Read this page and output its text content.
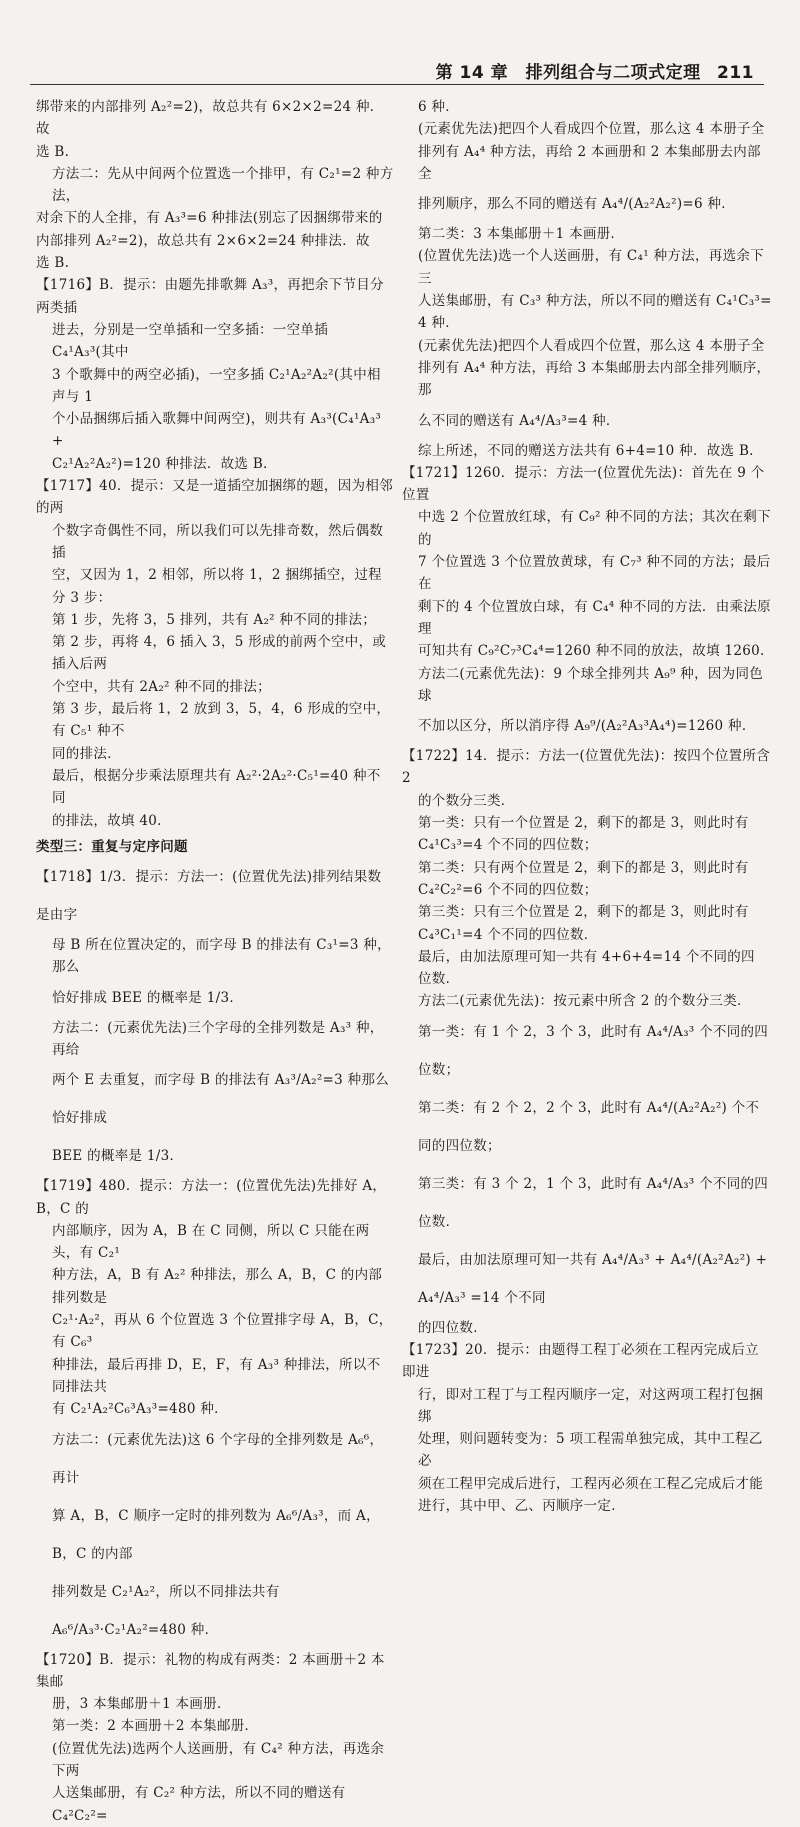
第 14 章　排列组合与二项式定理 211

绑带来的内部排列 A₂²=2)，故总共有 6×2×2=24 种．故

选 B.

方法二：先从中间两个位置选一个排甲，有 C₂¹=2 种方法，

对余下的人全排，有 A₃³=6 种排法(别忘了因捆绑带来的

内部排列 A₂²=2)，故总共有 2×6×2=24 种排法．故

选 B.

【1716】B．提示：由题先排歌舞 A₃³，再把余下节目分两类插

进去，分别是一空单插和一空多插：一空单插 C₄¹A₃³(其中

3 个歌舞中的两空必插)，一空多插 C₂¹A₂²A₂²(其中相声与 1

个小品捆绑后插入歌舞中间两空)，则共有 A₃³(C₄¹A₃³ +

C₂¹A₂²A₂²)=120 种排法．故选 B.

【1717】40．提示：又是一道插空加捆绑的题，因为相邻的两

个数字奇偶性不同，所以我们可以先排奇数，然后偶数插

空，又因为 1，2 相邻，所以将 1，2 捆绑插空，过程分 3 步：

第 1 步，先将 3，5 排列，共有 A₂² 种不同的排法；

第 2 步，再将 4，6 插入 3，5 形成的前两个空中，或插入后两

个空中，共有 2A₂² 种不同的排法；

第 3 步，最后将 1，2 放到 3，5，4，6 形成的空中，有 C₅¹ 种不

同的排法．

最后，根据分步乘法原理共有 A₂²·2A₂²·C₅¹=40 种不同

的排法，故填 40.

类型三：重复与定序问题

【1718】1/3．提示：方法一：(位置优先法)排列结果数是由字

母 B 所在位置决定的，而字母 B 的排法有 C₃¹=3 种，那么

恰好排成 BEE 的概率是 1/3．

方法二：(元素优先法)三个字母的全排列数是 A₃³ 种，再给

两个 E 去重复，而字母 B 的排法有 A₃³/A₂²=3 种那么恰好排成

BEE 的概率是 1/3．

【1719】480．提示：方法一：(位置优先法)先排好 A，B，C 的

内部顺序，因为 A，B 在 C 同侧，所以 C 只能在两头，有 C₂¹

种方法，A，B 有 A₂² 种排法，那么 A，B，C 的内部排列数是

C₂¹·A₂²，再从 6 个位置选 3 个位置排字母 A，B，C，有 C₆³

种排法，最后再排 D，E，F，有 A₃³ 种排法，所以不同排法共

有 C₂¹A₂²C₆³A₃³=480 种．

方法二：(元素优先法)这 6 个字母的全排列数是 A₆⁶，再计

算 A，B，C 顺序一定时的排列数为 A₆⁶/A₃³，而 A，B，C 的内部

排列数是 C₂¹A₂²，所以不同排法共有 A₆⁶/A₃³·C₂¹A₂²=480 种．

【1720】B．提示：礼物的构成有两类：2 本画册＋2 本集邮

册，3 本集邮册＋1 本画册．

第一类：2 本画册＋2 本集邮册．

(位置优先法)选两个人送画册，有 C₄² 种方法，再选余下两

人送集邮册，有 C₂² 种方法，所以不同的赠送有 C₄²C₂²=

6 种．

(元素优先法)把四个人看成四个位置，那么这 4 本册子全

排列有 A₄⁴ 种方法，再给 2 本画册和 2 本集邮册去内部全

排列顺序，那么不同的赠送有 A₄⁴/(A₂²A₂²)=6 种．

第二类：3 本集邮册＋1 本画册．

(位置优先法)选一个人送画册，有 C₄¹ 种方法，再选余下三

人送集邮册，有 C₃³ 种方法，所以不同的赠送有 C₄¹C₃³=

4 种．

(元素优先法)把四个人看成四个位置，那么这 4 本册子全

排列有 A₄⁴ 种方法，再给 3 本集邮册去内部全排列顺序，那

么不同的赠送有 A₄⁴/A₃³=4 种．

综上所述，不同的赠送方法共有 6+4=10 种．故选 B.

【1721】1260．提示：方法一(位置优先法)：首先在 9 个位置

中选 2 个位置放红球，有 C₉² 种不同的方法；其次在剩下的

7 个位置选 3 个位置放黄球，有 C₇³ 种不同的方法；最后在

剩下的 4 个位置放白球，有 C₄⁴ 种不同的方法．由乘法原理

可知共有 C₉²C₇³C₄⁴=1260 种不同的放法，故填 1260.

方法二(元素优先法)：9 个球全排列共 A₉⁹ 种，因为同色球

不加以区分，所以消序得 A₉⁹/(A₂²A₃³A₄⁴)=1260 种．

【1722】14．提示：方法一(位置优先法)：按四个位置所含 2

的个数分三类．

第一类：只有一个位置是 2，剩下的都是 3，则此时有

C₄¹C₃³=4 个不同的四位数；

第二类：只有两个位置是 2，剩下的都是 3，则此时有

C₄²C₂²=6 个不同的四位数；

第三类：只有三个位置是 2，剩下的都是 3，则此时有

C₄³C₁¹=4 个不同的四位数．

最后，由加法原理可知一共有 4+6+4=14 个不同的四

位数．

方法二(元素优先法)：按元素中所含 2 的个数分三类．

第一类：有 1 个 2，3 个 3，此时有 A₄⁴/A₃³ 个不同的四位数；

第二类：有 2 个 2，2 个 3，此时有 A₄⁴/(A₂²A₂²) 个不同的四位数；

第三类：有 3 个 2，1 个 3，此时有 A₄⁴/A₃³ 个不同的四位数．

最后，由加法原理可知一共有 A₄⁴/A₃³ + A₄⁴/(A₂²A₂²) + A₄⁴/A₃³ =14 个不同

的四位数．

【1723】20．提示：由题得工程丁必须在工程丙完成后立即进

行，即对工程丁与工程丙顺序一定，对这两项工程打包捆绑

处理，则问题转变为：5 项工程需单独完成，其中工程乙必

须在工程甲完成后进行，工程丙必须在工程乙完成后才能

进行，其中甲、乙、丙顺序一定．
